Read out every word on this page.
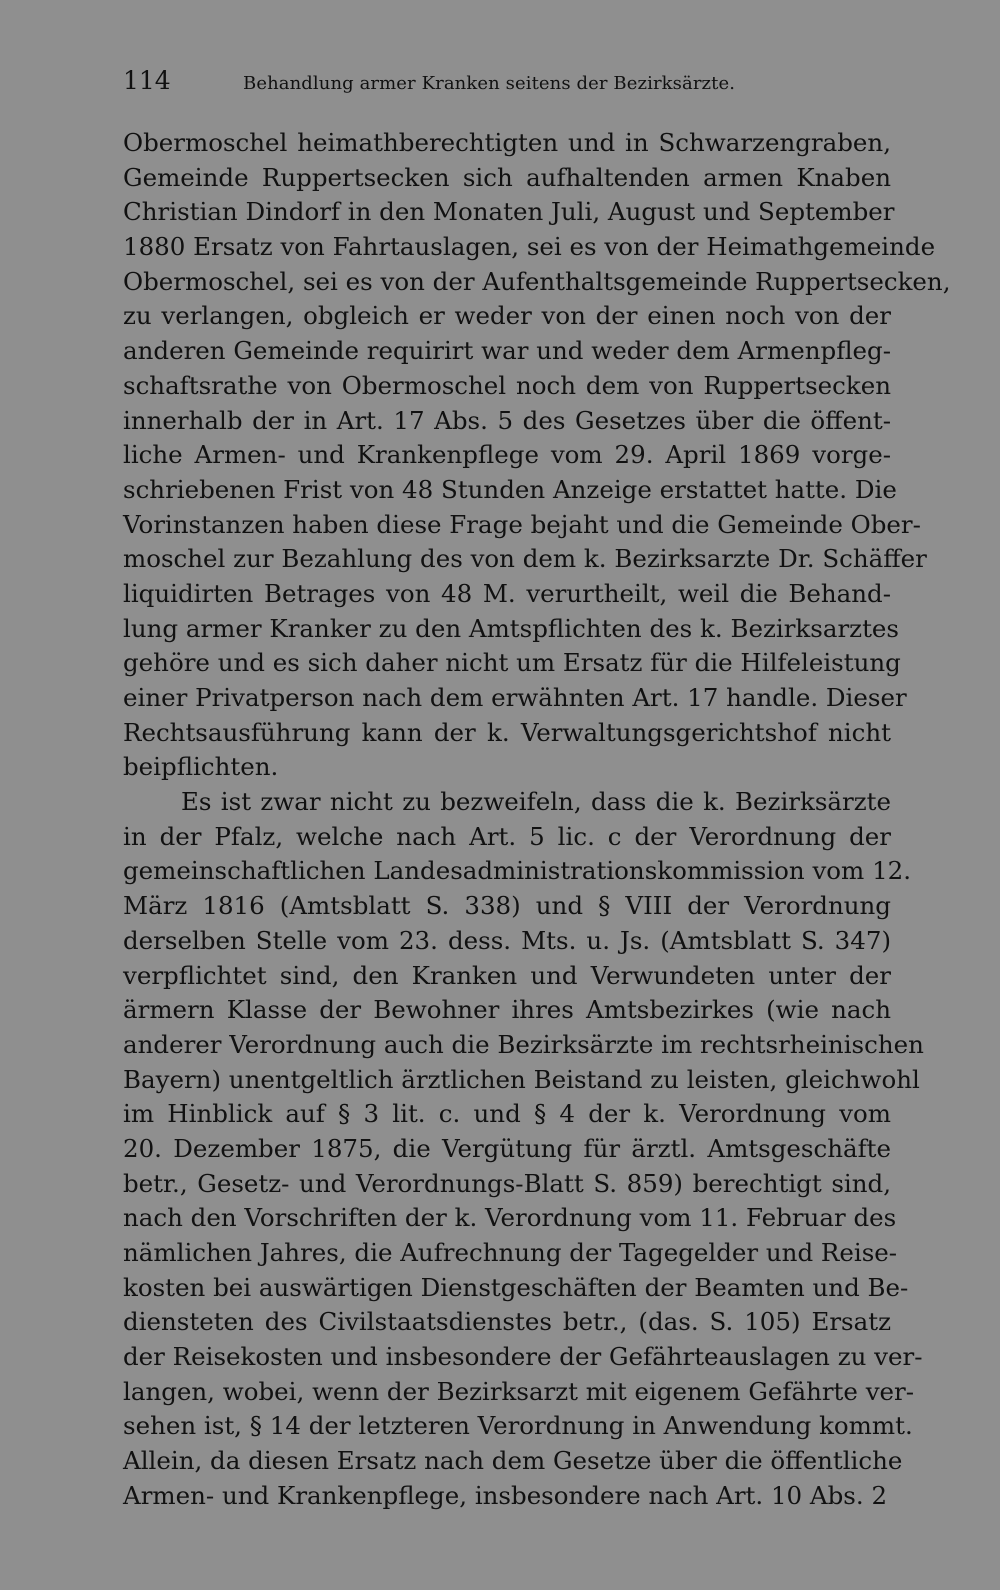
114	Behandlung armer Kranken seitens der Bezirksärzte.
Obermoschel heimathberechtigten und in Schwarzengraben,
Gemeinde Ruppertsecken sich aufhaltenden armen Knaben
Christian Dindorf in den Monaten Juli, August und September
1880 Ersatz von Fahrtauslagen, sei es von der Heimathgemeinde
Obermoschel, sei es von der Aufenthaltsgemeinde Ruppertsecken,
zu verlangen, obgleich er weder von der einen noch von der
anderen Gemeinde requirirt war und weder dem Armenpfleg-
schaftsrathe von Obermoschel noch dem von Ruppertsecken
innerhalb der in Art. 17 Abs. 5 des Gesetzes über die öffent-
liche Armen- und Krankenpflege vom 29. April 1869 vorge-
schriebenen Frist von 48 Stunden Anzeige erstattet hatte. Die
Vorinstanzen haben diese Frage bejaht und die Gemeinde Ober-
moschel zur Bezahlung des von dem k. Bezirksarzte Dr. Schäffer
liquidirten Betrages von 48 M. verurtheilt, weil die Behand-
lung armer Kranker zu den Amtspflichten des k. Bezirksarztes
gehöre und es sich daher nicht um Ersatz für die Hilfeleistung
einer Privatperson nach dem erwähnten Art. 17 handle. Dieser
Rechtsausführung kann der k. Verwaltungsgerichtshof nicht
beipflichten.
Es ist zwar nicht zu bezweifeln, dass die k. Bezirksärzte
in der Pfalz, welche nach Art. 5 lic. c der Verordnung der
gemeinschaftlichen Landesadministrationskommission vom 12.
März 1816 (Amtsblatt S. 338) und § VIII der Verordnung
derselben Stelle vom 23. dess. Mts. u. Js. (Amtsblatt S. 347)
verpflichtet sind, den Kranken und Verwundeten unter der
ärmern Klasse der Bewohner ihres Amtsbezirkes (wie nach
anderer Verordnung auch die Bezirksärzte im rechtsrheinischen
Bayern) unentgeltlich ärztlichen Beistand zu leisten, gleichwohl
im Hinblick auf § 3 lit. c. und § 4 der k. Verordnung vom
20. Dezember 1875, die Vergütung für ärztl. Amtsgeschäfte
betr., Gesetz- und Verordnungs-Blatt S. 859) berechtigt sind,
nach den Vorschriften der k. Verordnung vom 11. Februar des
nämlichen Jahres, die Aufrechnung der Tagegelder und Reise-
kosten bei auswärtigen Dienstgeschäften der Beamten und Be-
diensteten des Civilstaatsdienstes betr., (das. S. 105) Ersatz
der Reisekosten und insbesondere der Gefährteauslagen zu ver-
langen, wobei, wenn der Bezirksarzt mit eigenem Gefährte ver-
sehen ist, § 14 der letzteren Verordnung in Anwendung kommt.
Allein, da diesen Ersatz nach dem Gesetze über die öffentliche
Armen- und Krankenpflege, insbesondere nach Art. 10 Abs. 2
